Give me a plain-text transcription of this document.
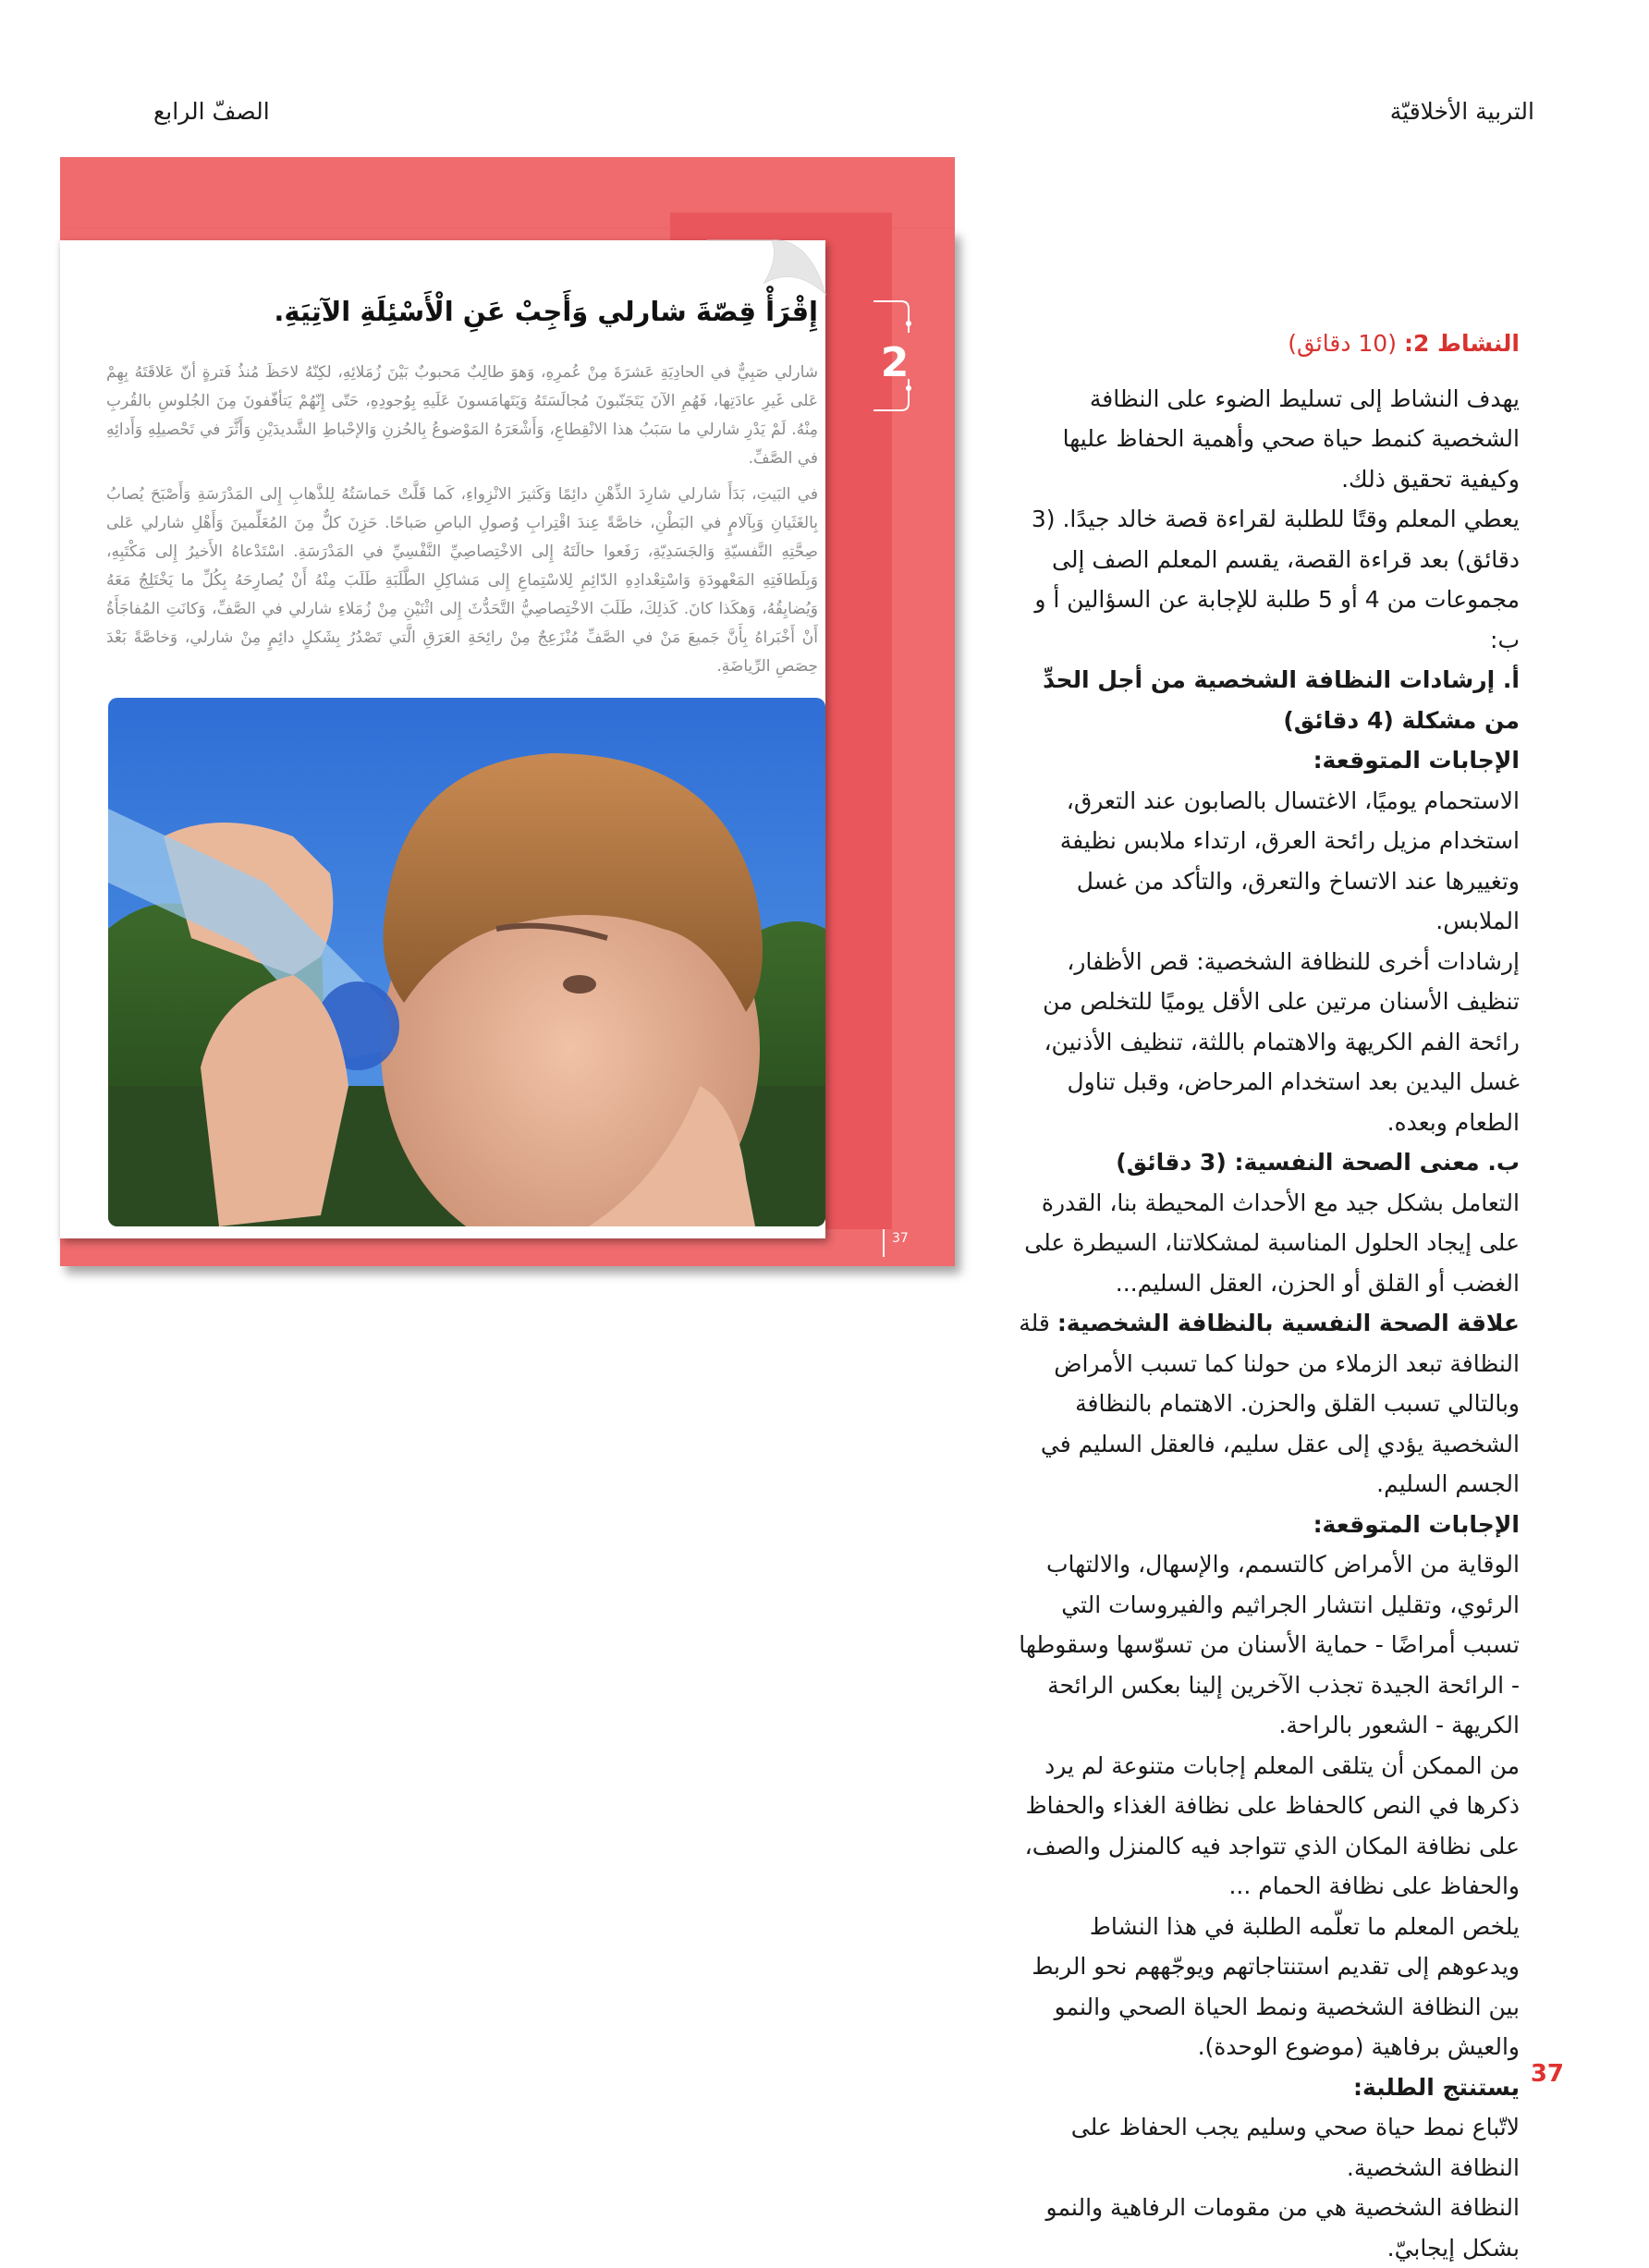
التربية الأخلاقيّة
الصفّ الرابع
2
إِقْرَأْ قِصّةَ شارلي وَأَجِبْ عَنِ الْأَسْئِلَةِ الآتِيَةِ.
شارلي صَبِيٌّ في الحادِيَةِ عَشرَةَ مِنْ عُمرِهِ، وَهوَ طالِبٌ مَحبوبٌ بَيْنَ زُمَلائِهِ، لكِنّهُ لاحَظَ مُنذُ فَترةٍ أنّ عَلاقَتَهُ بِهِمْ عَلى غَيرِ عادَتِها، فَهُمِ الآنَ يَتَجَنّبونَ مُجالَسَتَهُ وَيَتَهامَسونَ عَلَيهِ بِوُجودِهِ، حَتّى إِنّهُمْ يَتأفّفونَ مِنَ الجُلوسِ بالقُربِ مِنْهُ. لَمْ يَدْرِ شارلي ما سَبَبُ هذا الانْقِطاعِ، وَأَشْعَرَهُ المَوْضوعُ بِالحُزنِ وَالإحْباطِ الشَّديدَيْنِ وَأَثَّرَ في تَحْصيلِهِ وَأَدائِهِ في الصَّفِّ.
في البَيتِ، بَدَأَ شارلي شارِدَ الذِّهْنِ دائِمًا وَكَثيرَ الانْزِواءِ، كَما قَلَّتْ حَماسَتُهُ لِلذَّهابِ إِلى المَدْرَسَةِ وَأَصْبَحَ يُصابُ بِالغَثَيانِ وَبِآلامٍ في البَطْنِ، خاصَّةً عِندَ اقْتِرابِ وُصولِ الباصِ صَباحًا. حَزِنَ كلٌّ مِنَ المُعَلِّمينَ وَأَهْلِ شارلي عَلى صِحَّتِهِ النَّفسيّةِ وَالجَسَدِيّةِ، رَفَعوا حالَتَهُ إِلى الاخْتِصاصِيِّ النَّفْسِيِّ في المَدْرَسَةِ. اسْتَدْعاهُ الأَخيرُ إِلى مَكْتَبِهِ، وَبِلَطافَتِهِ المَعْهودَةِ وَاسْتِعْدادِهِ الدّائِمِ لِلاسْتِماعِ إِلى مَشاكِلِ الطَّلَبَةِ طَلَبَ مِنْهُ أَنْ يُصارِحَهُ بِكُلِّ ما يَخْتَلِجُ مَعَهُ وَيُضايِقُهُ، وَهكَذا كانَ. كَذلِكَ، طَلَبَ الاخْتِصاصِيُّ التَّحَدُّثَ إِلى اثْنَيْنِ مِنْ زُمَلاءِ شارلي في الصَّفِّ، وَكانَتِ المُفاجَأَةُ أَنْ أَخْبَراهُ بِأَنَّ جَميعَ مَنْ في الصَّفِّ مُنْزَعِجٌ مِنْ رائِحَةِ العَرَقِ الَّتي تَصْدُرُ بِشَكلٍ دائِمٍ مِنْ شارلي، وَخاصَّةً بَعْدَ حِصَصِ الرِّياضَةِ.
37

النشاط 2: (10 دقائق)

يهدف النشاط إلى تسليط الضوء على النظافة الشخصية كنمط حياة صحي وأهمية الحفاظ عليها وكيفية تحقيق ذلك.

يعطي المعلم وقتًا للطلبة لقراءة قصة خالد جيدًا. (3 دقائق) بعد قراءة القصة، يقسم المعلم الصف إلى مجموعات من 4 أو 5 طلبة للإجابة عن السؤالين أ و ب:

أ. إرشادات النظافة الشخصية من أجل الحدِّ من مشكلة (4 دقائق)

الإجابات المتوقعة:

الاستحمام يوميًا، الاغتسال بالصابون عند التعرق، استخدام مزيل رائحة العرق، ارتداء ملابس نظيفة وتغييرها عند الاتساخ والتعرق، والتأكد من غسل الملابس.

إرشادات أخرى للنظافة الشخصية: قص الأظفار، تنظيف الأسنان مرتين على الأقل يوميًا للتخلص من رائحة الفم الكريهة والاهتمام باللثة، تنظيف الأذنين، غسل اليدين بعد استخدام المرحاض، وقبل تناول الطعام وبعده.

ب. معنى الصحة النفسية: (3 دقائق)

التعامل بشكل جيد مع الأحداث المحيطة بنا، القدرة على إيجاد الحلول المناسبة لمشكلاتنا، السيطرة على الغضب أو القلق أو الحزن، العقل السليم...

علاقة الصحة النفسية بالنظافة الشخصية: قلة النظافة تبعد الزملاء من حولنا كما تسبب الأمراض وبالتالي تسبب القلق والحزن. الاهتمام بالنظافة الشخصية يؤدي إلى عقل سليم، فالعقل السليم في الجسم السليم.

الإجابات المتوقعة:

الوقاية من الأمراض كالتسمم، والإسهال، والالتهاب الرئوي، وتقليل انتشار الجراثيم والفيروسات التي تسبب أمراضًا - حماية الأسنان من تسوّسها وسقوطها - الرائحة الجيدة تجذب الآخرين إلينا بعكس الرائحة الكريهة - الشعور بالراحة.

من الممكن أن يتلقى المعلم إجابات متنوعة لم يرد ذكرها في النص كالحفاظ على نظافة الغذاء والحفاظ على نظافة المكان الذي تتواجد فيه كالمنزل والصف، والحفاظ على نظافة الحمام ...

يلخص المعلم ما تعلّمه الطلبة في هذا النشاط ويدعوهم إلى تقديم استنتاجاتهم ويوجّههم نحو الربط بين النظافة الشخصية ونمط الحياة الصحي والنمو والعيش برفاهية (موضوع الوحدة).

يستنتج الطلبة:

لاتّباع نمط حياة صحي وسليم يجب الحفاظ على النظافة الشخصية.

النظافة الشخصية هي من مقومات الرفاهية والنمو بشكل إيجابيّ.

37
